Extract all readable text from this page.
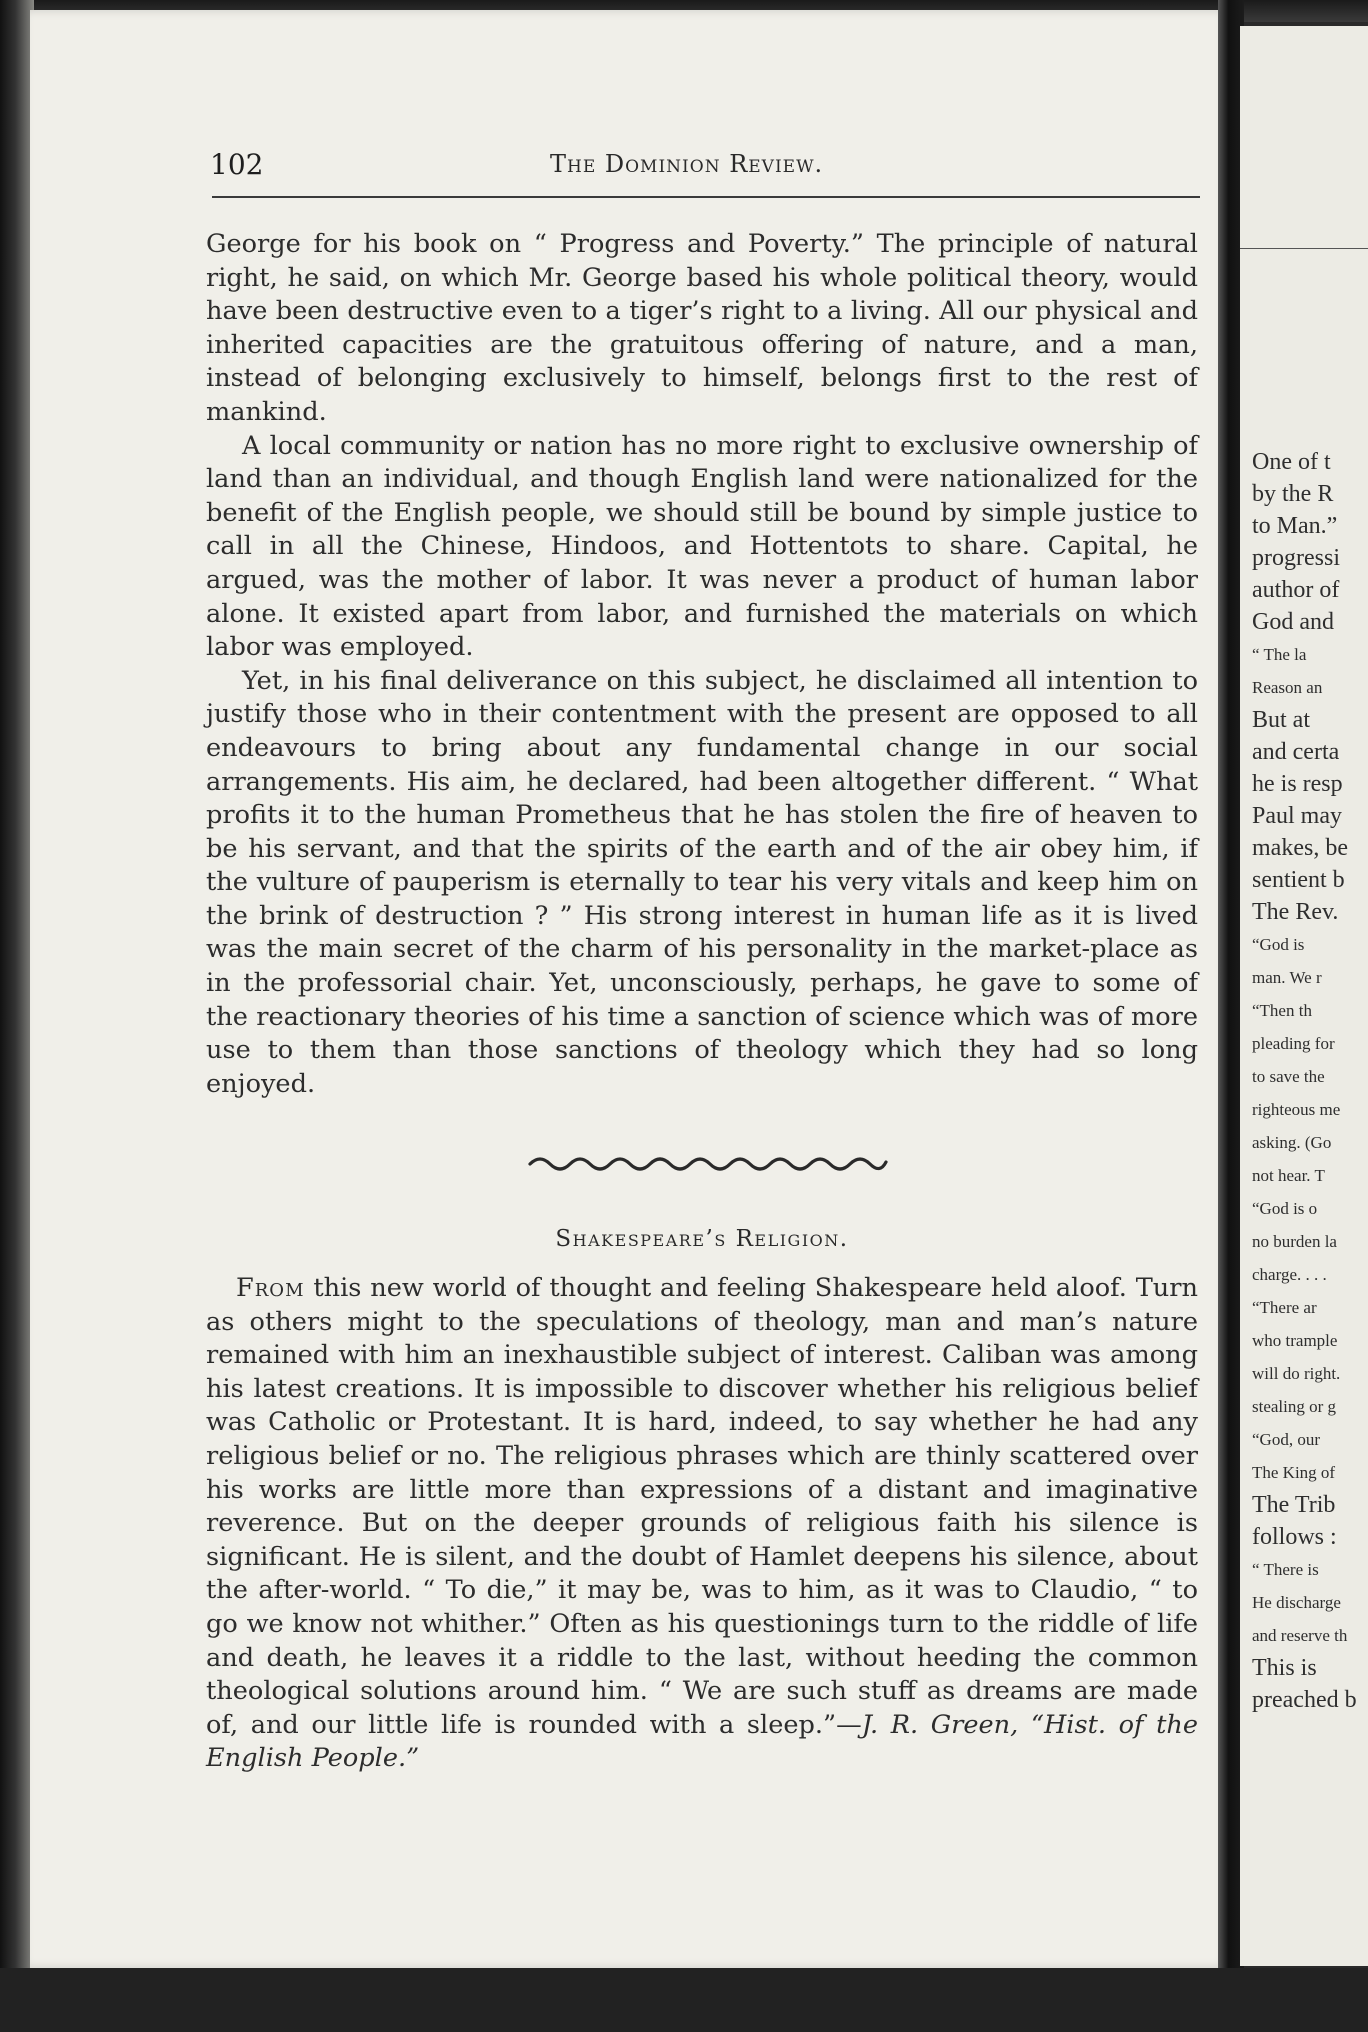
102	The Dominion Review.

George for his book on “ Progress and Poverty.” The principle of natural right, he said, on which Mr. George based his whole political theory, would have been destructive even to a tiger’s right to a living. All our physical and inherited capacities are the gratuitous offering of nature, and a man, instead of belonging exclusively to himself, belongs first to the rest of mankind.

A local community or nation has no more right to exclusive ownership of land than an individual, and though English land were nationalized for the benefit of the English people, we should still be bound by simple justice to call in all the Chinese, Hindoos, and Hottentots to share. Capital, he argued, was the mother of labor. It was never a product of human labor alone. It existed apart from labor, and furnished the materials on which labor was employed.

Yet, in his final deliverance on this subject, he disclaimed all intention to justify those who in their contentment with the present are opposed to all endeavours to bring about any fundamental change in our social arrangements. His aim, he declared, had been altogether different. “ What profits it to the human Prometheus that he has stolen the fire of heaven to be his servant, and that the spirits of the earth and of the air obey him, if the vulture of pauperism is eternally to tear his very vitals and keep him on the brink of destruction ? ” His strong interest in human life as it is lived was the main secret of the charm of his personality in the market-place as in the professorial chair. Yet, unconsciously, perhaps, he gave to some of the reactionary theories of his time a sanction of science which was of more use to them than those sanctions of theology which they had so long enjoyed.

Shakespeare’s Religion.

From this new world of thought and feeling Shakespeare held aloof. Turn as others might to the speculations of theology, man and man’s nature remained with him an inexhaustible subject of interest. Caliban was among his latest creations. It is impossible to discover whether his religious belief was Catholic or Protestant. It is hard, indeed, to say whether he had any religious belief or no. The religious phrases which are thinly scattered over his works are little more than expressions of a distant and imaginative reverence. But on the deeper grounds of religious faith his silence is significant. He is silent, and the doubt of Hamlet deepens his silence, about the after-world. “ To die,” it may be, was to him, as it was to Claudio, “ to go we know not whither.” Often as his questionings turn to the riddle of life and death, he leaves it a riddle to the last, without heeding the common theological solutions around him. “ We are such stuff as dreams are made of, and our little life is rounded with a sleep.”—J. R. Green, “Hist. of the English People.”

One of t
by the R
to Man.”
progressi
author of
God and
“ The la
Reason an
But at
and certa
he is resp
Paul may
makes, be
sentient b
The Rev.
“God is
man. We r
“Then th
pleading for
to save the
righteous me
asking. (Go
not hear. T
“God is o
no burden la
charge. . . .
“There ar
who trample
will do right.
stealing or g
“God, our
The King of
The Trib
follows :
“ There is
He discharge
and reserve th
This is
preached b
